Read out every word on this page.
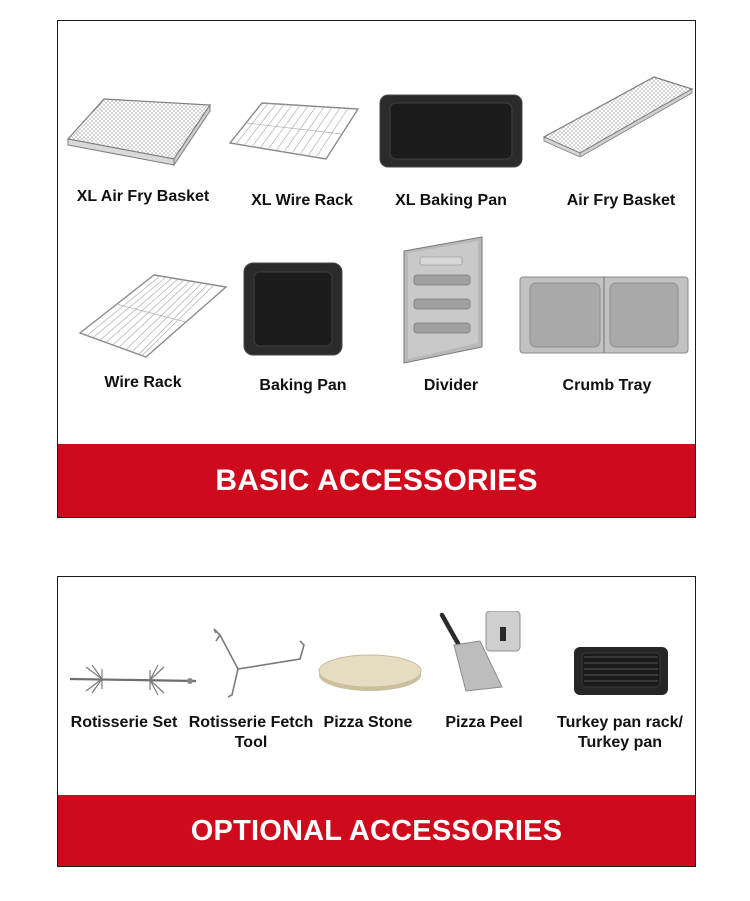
XL Air Fry Basket	XL Wire Rack	XL Baking Pan	Air Fry Basket
Wire Rack	Baking Pan	Divider	Crumb Tray
BASIC ACCESSORIES
Rotisserie Set Rotisserie Fetch Tool
Pizza Stone	Pizza Peel	Turkey pan rack/ Turkey pan
OPTIONAL ACCESSORIES
